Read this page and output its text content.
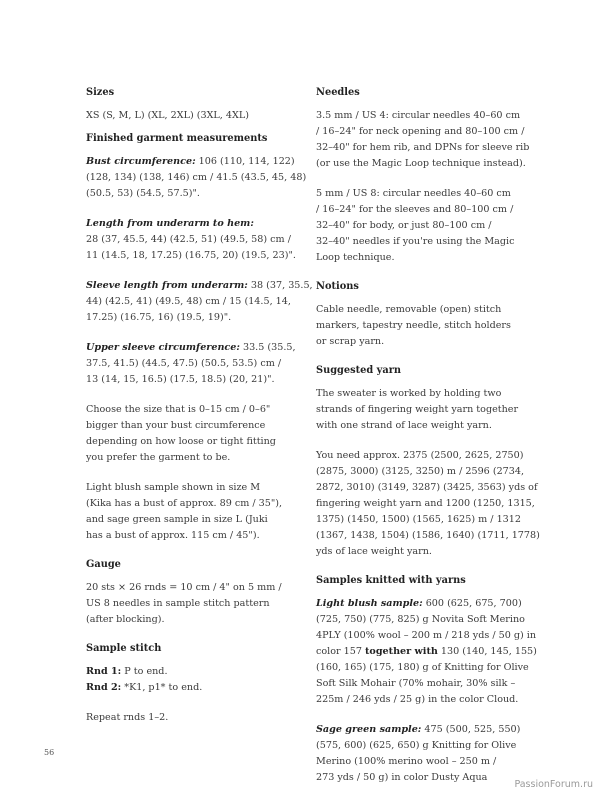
Sizes

XS (S, M, L) (XL, 2XL) (3XL, 4XL)

Finished garment measurements

Bust circumference: 106 (110, 114, 122)
(128, 134) (138, 146) cm / 41.5 (43.5, 45, 48)
(50.5, 53) (54.5, 57.5)".

Length from underarm to hem:
28 (37, 45.5, 44) (42.5, 51) (49.5, 58) cm /
11 (14.5, 18, 17.25) (16.75, 20) (19.5, 23)".

Sleeve length from underarm: 38 (37, 35.5,
44) (42.5, 41) (49.5, 48) cm / 15 (14.5, 14,
17.25) (16.75, 16) (19.5, 19)".

Upper sleeve circumference: 33.5 (35.5,
37.5, 41.5) (44.5, 47.5) (50.5, 53.5) cm /
13 (14, 15, 16.5) (17.5, 18.5) (20, 21)".

Choose the size that is 0–15 cm / 0–6"
bigger than your bust circumference
depending on how loose or tight fitting
you prefer the garment to be.

Light blush sample shown in size M
(Kika has a bust of approx. 89 cm / 35"),
and sage green sample in size L (Juki
has a bust of approx. 115 cm / 45").

Gauge

20 sts × 26 rnds = 10 cm / 4" on 5 mm /
US 8 needles in sample stitch pattern
(after blocking).

Sample stitch

Rnd 1: P to end.
Rnd 2: *K1, p1* to end.

Repeat rnds 1–2.

Needles

3.5 mm / US 4: circular needles 40–60 cm
/ 16–24" for neck opening and 80–100 cm /
32–40" for hem rib, and DPNs for sleeve rib
(or use the Magic Loop technique instead).

5 mm / US 8: circular needles 40–60 cm
/ 16–24" for the sleeves and 80–100 cm /
32–40" for body, or just 80–100 cm /
32–40" needles if you're using the Magic
Loop technique.

Notions

Cable needle, removable (open) stitch
markers, tapestry needle, stitch holders
or scrap yarn.

Suggested yarn

The sweater is worked by holding two
strands of fingering weight yarn together
with one strand of lace weight yarn.

You need approx. 2375 (2500, 2625, 2750)
(2875, 3000) (3125, 3250) m / 2596 (2734,
2872, 3010) (3149, 3287) (3425, 3563) yds of
fingering weight yarn and 1200 (1250, 1315,
1375) (1450, 1500) (1565, 1625) m / 1312
(1367, 1438, 1504) (1586, 1640) (1711, 1778)
yds of lace weight yarn.

Samples knitted with yarns

Light blush sample: 600 (625, 675, 700)
(725, 750) (775, 825) g Novita Soft Merino
4PLY (100% wool – 200 m / 218 yds / 50 g) in
color 157 together with 130 (140, 145, 155)
(160, 165) (175, 180) g of Knitting for Olive
Soft Silk Mohair (70% mohair, 30% silk –
225m / 246 yds / 25 g) in the color Cloud.

Sage green sample: 475 (500, 525, 550)
(575, 600) (625, 650) g Knitting for Olive
Merino (100% merino wool – 250 m /
273 yds / 50 g) in color Dusty Aqua

56
PassionForum.ru
